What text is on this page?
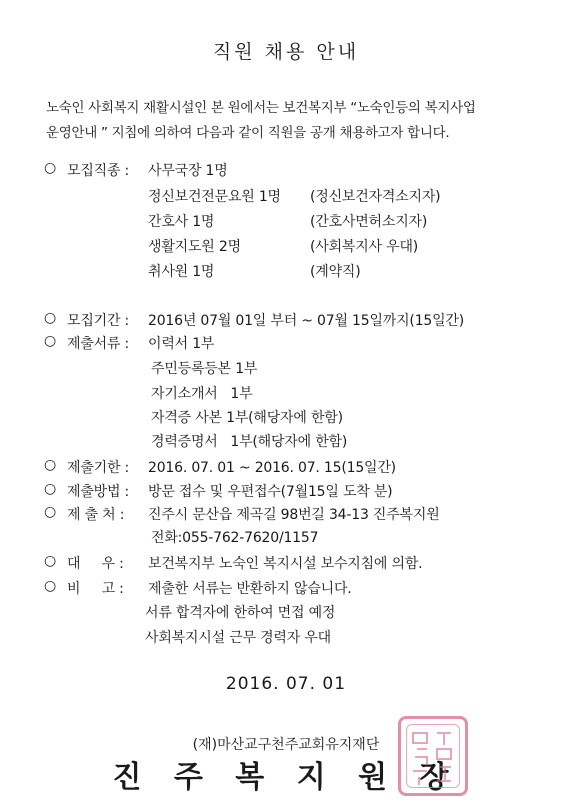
직원 채용 안내
노숙인 사회복지 재활시설인 본 원에서는 보건복지부 “노숙인등의 복지사업
운영안내 ” 지침에 의하여 다음과 같이 직원을 공개 채용하고자 합니다.
○ 모집직종 : 사무국장 1명
정신보건전문요원 1명 (정신보건자격소지자)
간호사 1명	(간호사면허소지자)
생활지도원 2명	(사회복지사 우대)
취사원 1명	(계약직)
○ 모집기간 : 2016년 07월 01일 부터 ~ 07월 15일까지(15일간)
○ 제출서류 : 이력서 1부
주민등록등본 1부
자기소개서   1부
자격증 사본 1부(해당자에 한함)
경력증명서   1부(해당자에 한함)
○ 제출기한 : 2016. 07. 01 ~ 2016. 07. 15(15일간)
○ 제출방법 : 방문 접수 및 우편접수(7월15일 도착 분)
○ 제 출 처 : 진주시 문산읍 제곡길 98번길 34-13 진주복지원
전화:055-762-7620/1157
○ 대     우 : 보건복지부 노숙인 복지시설 보수지침에 의함.
○ 비     고 : 제출한 서류는 반환하지 않습니다.
서류 합격자에 한하여 면접 예정
사회복지시설 근무 경력자 우대
2016. 07. 01
(재)마산교구천주교회유지재단
진 주 복 지 원 장
